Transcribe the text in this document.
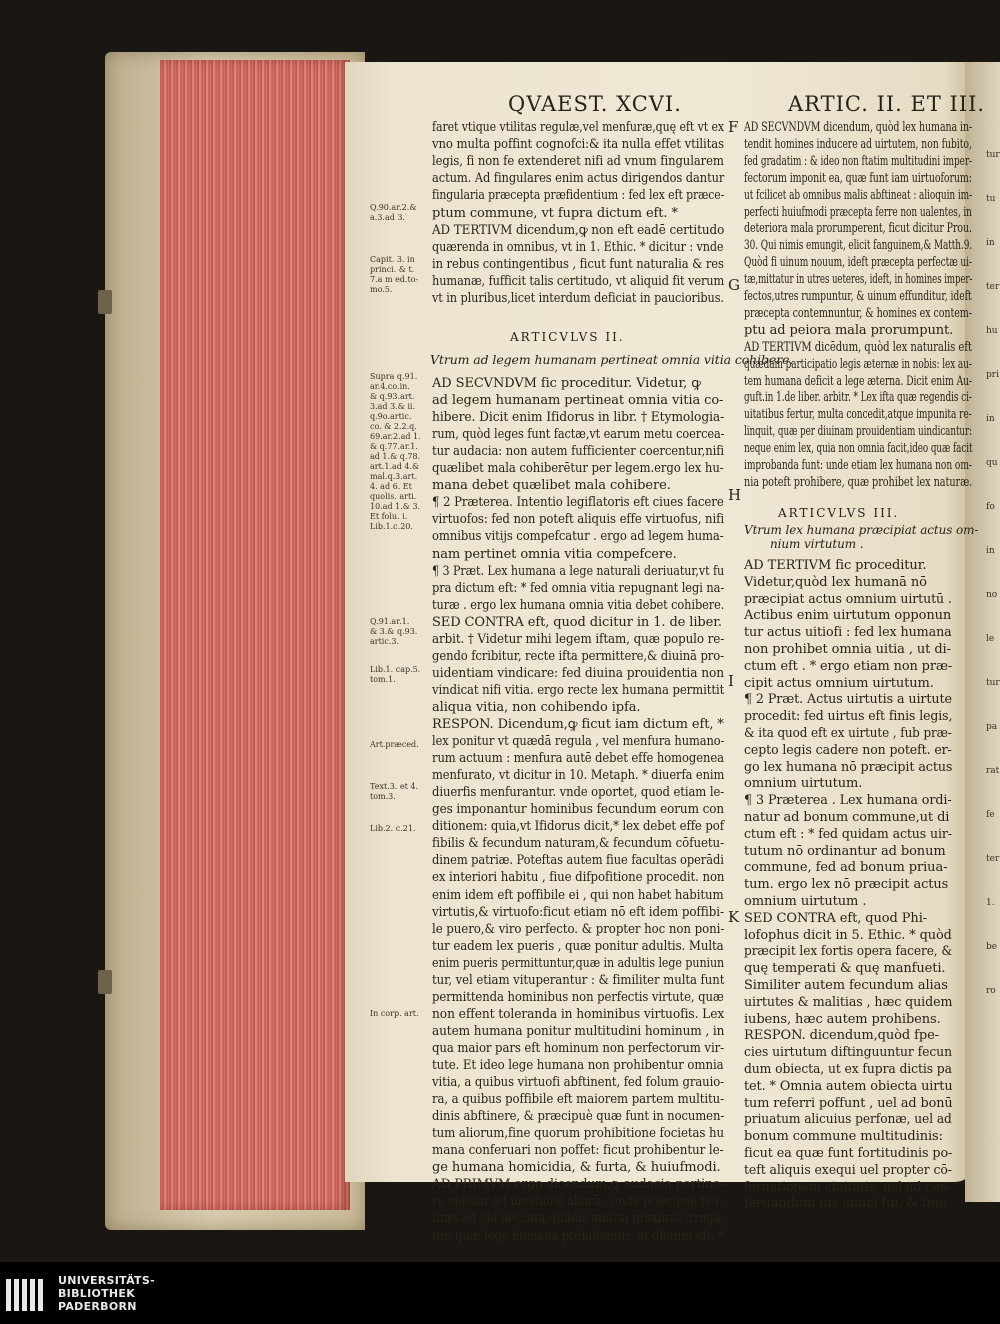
QVAEST. XCVI.	ARTIC. II. ET III.
faret vtique vtilitas regulæ,vel menfuræ,quę eft vt ex
vno multa poffint cognofci:& ita nulla effet vtilitas
legis, fi non fe extenderet nifi ad vnum fingularem
actum. Ad fingulares enim actus dirigendos dantur
fingularia præcepta præfidentium : fed lex eft præce-
ptum commune, vt fupra dictum eft. *
AD TERTIVM dicendum,ꝙ non eft eadē certitudo
quærenda in omnibus, vt in 1. Ethic. * dicitur : vnde
in rebus contingentibus , ficut funt naturalia & res
humanæ, fufficit talis certitudo, vt aliquid fit verum
vt in pluribus,licet interdum deficiat in paucioribus.
ARTICVLVS II.
Vtrum ad legem humanam pertineat omnia vitia cohibere.
AD SECVNDVM fic proceditur. Videtur, ꝙ
ad legem humanam pertineat omnia vitia co-
hibere. Dicit enim Ifidorus in libr. † Etymologia-
rum, quòd leges funt factæ,vt earum metu coercea-
tur audacia: non autem fufficienter coercentur,nifi
quælibet mala cohiberētur per legem.ergo lex hu-
mana debet quælibet mala cohibere.
¶ 2 Præterea. Intentio legiflatoris eft ciues facere
virtuofos: fed non poteft aliquis effe virtuofus, nifi
omnibus vitijs compefcatur . ergo ad legem huma-
nam pertinet omnia vitia compefcere.
¶ 3 Præt. Lex humana a lege naturali deriuatur,vt fu
pra dictum eft: * fed omnia vitia repugnant legi na-
turæ . ergo lex humana omnia vitia debet cohibere.
SED CONTRA eft, quod dicitur in 1. de liber.
arbit. † Videtur mihi legem iftam, quæ populo re-
gendo fcribitur, recte ifta permittere,& diuinā pro-
uidentiam vindicare: fed diuina prouidentia non
vindicat nifi vitia. ergo recte lex humana permittit
aliqua vitia, non cohibendo ipfa.
RESPON. Dicendum,ꝙ ficut iam dictum eft, *
lex ponitur vt quædā regula , vel menfura humano-
rum actuum : menfura autē debet effe homogenea
menfurato, vt dicitur in 10. Metaph. * diuerfa enim
diuerfis menfurantur. vnde oportet, quod etiam le-
ges imponantur hominibus fecundum eorum con
ditionem: quia,vt Ifidorus dicit,* lex debet effe pof
fibilis & fecundum naturam,& fecundum cōfuetu-
dinem patriæ. Poteftas autem fiue facultas operādi
ex interiori habitu , fiue difpofitione procedit. non
enim idem eft poffibile ei , qui non habet habitum
virtutis,& virtuofo:ficut etiam nō eft idem poffibi-
le puero,& viro perfecto. & propter hoc non poni-
tur eadem lex pueris , quæ ponitur adultis. Multa
enim pueris permittuntur,quæ in adultis lege puniun
tur, vel etiam vituperantur : & fimiliter multa funt
permittenda hominibus non perfectis virtute, quæ
non effent toleranda in hominibus virtuofis. Lex
autem humana ponitur multitudini hominum , in
qua maior pars eft hominum non perfectorum vir-
tute. Et ideo lege humana non prohibentur omnia
vitia, a quibus virtuofi abftinent, fed folum grauio-
ra, a quibus poffibile eft maiorem partem multitu-
dinis abftinere, & præcipuè quæ funt in nocumen-
tum aliorum,fine quorum prohibitione focietas hu
mana conferuari non poffet: ficut prohibentur le-
ge humana homicidia, & furta, & huiufmodi.
AD PRIMVM ergo dicendum,ꝙ audacia pertine-
re uidetur ad inuafionē aliorū : unde præcipuè per-
tinet ad illa peccata,quibus iniuria proximis irroga-
tur, quæ lege humana prohibentur, ut dictum eft. *
AD SECVNDVM dicendum, quòd lex humana in-
tendit homines inducere ad uirtutem, non fubito,
fed gradatim : & ideo non ftatim multitudini imper-
fectorum imponit ea, quæ funt iam uirtuoforum:
ut fcilicet ab omnibus malis abftineat : alioquin im-
perfecti huiufmodi præcepta ferre non ualentes, in
deteriora mala prorumperent, ficut dicitur Prou.
30. Qui nimis emungit, elicit fanguinem,& Matth.9.
Quòd fi uinum nouum, ideft præcepta perfectæ ui-
tæ,mittatur in utres ueteres, ideft, in homines imper-
fectos,utres rumpuntur, & uinum effunditur, ideft
præcepta contemnuntur, & homines ex contem-
ptu ad peiora mala prorumpunt.
AD TERTIVM dicēdum, quòd lex naturalis eft
quædam participatio legis æternæ in nobis: lex au-
tem humana deficit a lege æterna. Dicit enim Au-
guft.in 1.de liber. arbitr. * Lex ifta quæ regendis ci-
uitatibus fertur, multa concedit,atque impunita re-
linquit, quæ per diuinam prouidentiam uindicantur:
neque enim lex, quia non omnia facit,ideo quæ facit
improbanda funt: unde etiam lex humana non om-
nia poteft prohibere, quæ prohibet lex naturæ.
ARTICVLVS III.
Vtrum lex humana præcipiat actus om-
nium virtutum .
AD TERTIVM fic proceditur.
Videtur,quòd lex humanā nō
præcipiat actus omnium uirtutū .
Actibus enim uirtutum opponun
tur actus uitiofi : fed lex humana
non prohibet omnia uitia , ut di-
ctum eft . * ergo etiam non præ-
cipit actus omnium uirtutum.
¶ 2 Præt. Actus uirtutis a uirtute
procedit: fed uirtus eft finis legis,
& ita quod eft ex uirtute , fub præ-
cepto legis cadere non poteft. er-
go lex humana nō præcipit actus
omnium uirtutum.
¶ 3 Præterea . Lex humana ordi-
natur ad bonum commune,ut di
ctum eft : * fed quidam actus uir-
tutum nō ordinantur ad bonum
commune, fed ad bonum priua-
tum. ergo lex nō præcipit actus
omnium uirtutum .
SED CONTRA eft, quod Phi-
lofophus dicit in 5. Ethic. * quòd
præcipit lex fortis opera facere, &
quę temperati & quę manfueti.
Similiter autem fecundum alias
uirtutes & malitias , hæc quidem
iubens, hæc autem prohibens.
RESPON. dicendum,quòd fpe-
cies uirtutum diftinguuntur fecun
dum obiecta, ut ex fupra dictis pa
tet. * Omnia autem obiecta uirtu
tum referri poffunt , uel ad bonū
priuatum alicuius perfonæ, uel ad
bonum commune multitudinis:
ficut ea quæ funt fortitudinis po-
teft aliquis exequi uel propter cō-
feruationem ciuitatis, uel ad con-
feruandum ius amici fui, & fimi-
Q.90.ar.2.&
a.3.ad 3.
Capit. 3. in
princi. & t.
7.a m ed.to-
mo.5.
Supra q.91.
ar.4.co.in.
& q.93.art.
3.ad 3.& ii.
q.9o.artic.
co. & 2.2.q.
69.ar.2.ad 1.
& q.77.ar.1.
ad 1.& q.78.
art.1.ad 4.&
mal.q.3.art.
4. ad 6. Et
quolis. arti.
10.ad 1.& 3.
Et folu. i.
Lib.1.c.20.
Q.91.ar.1.
& 3.& q.93.
artic.3.
Lib.1. cap.5.
tom.1.
Art.præced.
Text.3. et 4.
tom.3.
Lib.2. c.21.
In corp. art.
F
G
H
I
K
tur
tu
in
ter
hu
pri
in
qu
fo
in
no
le
tur
pa
rat
fe
ter
1.
be
ro
UNIVERSITÄTS-
BIBLIOTHEK
PADERBORN
